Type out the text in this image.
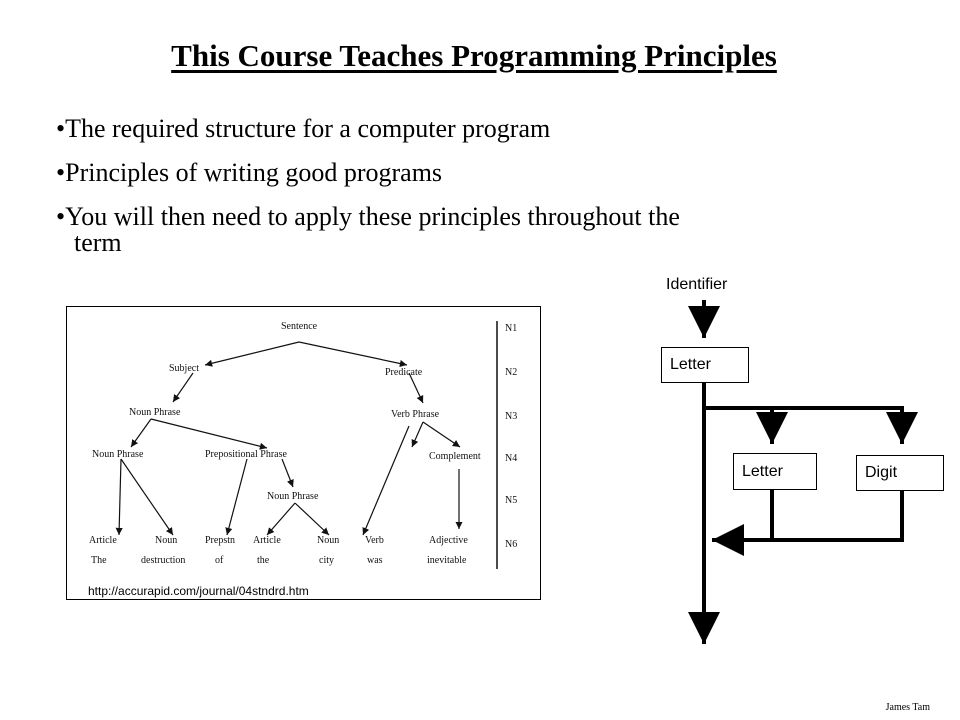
This Course Teaches Programming Principles
•The required structure for a computer program
•Principles of writing good programs
•You will then need to apply these principles throughout the
term
Sentence
Subject	Predicate
Noun Phrase	Verb Phrase
Noun Phrase	Prepositional Phrase	Complement
Noun Phrase
Article	Noun	Prepstn Article	Noun	Verb	Adjective
The	destruction	of	the	city	was	inevitable
N1
N2
N3
N4
N5
N6
http://accurapid.com/journal/04stndrd.htm
Identifier
Letter
Letter	Digit
James Tam
